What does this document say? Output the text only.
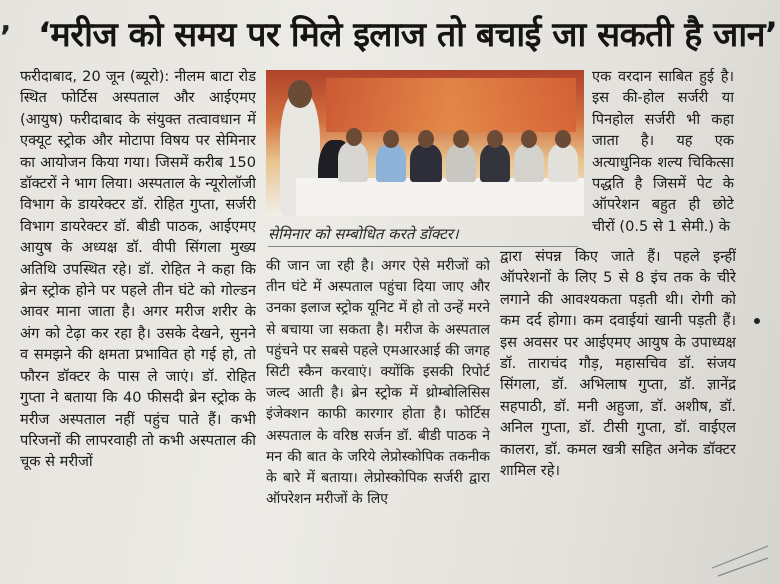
ʼ ‘मरीज को समय पर मिले इलाज तो बचाई जा सकती है जान’

फरीदाबाद, 20 जून (ब्यूरो): नीलम बाटा रोड स्थित फोर्टिस अस्पताल और आईएमए (आयुष) फरीदाबाद के संयुक्त तत्वावधान में एक्यूट स्ट्रोक और मोटापा विषय पर सेमिनार का आयोजन किया गया। जिसमें करीब 150 डॉक्टरों ने भाग लिया। अस्पताल के न्यूरोलॉजी विभाग के डायरेक्टर डॉ. रोहित गुप्ता, सर्जरी विभाग डायरेक्टर डॉ. बीडी पाठक, आईएमए आयुष के अध्यक्ष डॉ. वीपी सिंगला मुख्य अतिथि उपस्थित रहे। डॉ. रोहित ने कहा कि ब्रेन स्ट्रोक होने पर पहले तीन घंटे को गोल्डन आवर माना जाता है। अगर मरीज शरीर के अंग को टेढ़ा कर रहा है। उसके देखने, सुनने व समझने की क्षमता प्रभावित हो गई हो, तो फौरन डॉक्टर के पास ले जाएं। डॉ. रोहित गुप्ता ने बताया कि 40 फीसदी ब्रेन स्ट्रोक के मरीज अस्पताल नहीं पहुंच पाते हैं। कभी परिजनों की लापरवाही तो कभी अस्पताल की चूक से मरीजों

सेमिनार को सम्बोधित करते डॉक्टर।

की जान जा रही है। अगर ऐसे मरीजों को तीन घंटे में अस्पताल पहुंचा दिया जाए और उनका इलाज स्ट्रोक यूनिट में हो तो उन्हें मरने से बचाया जा सकता है। मरीज के अस्पताल पहुंचने पर सबसे पहले एमआरआई की जगह सिटी स्कैन करवाएं। क्योंकि इसकी रिपोर्ट जल्द आती है। ब्रेन स्ट्रोक में थ्रोम्बोलिसिस इंजेक्शन काफी कारगार होता है। फोर्टिस अस्पताल के वरिष्ठ सर्जन डॉ. बीडी पाठक ने मन की बात के जरिये लेप्रोस्कोपिक तकनीक के बारे में बताया। लेप्रोस्कोपिक सर्जरी द्वारा ऑपरेशन मरीजों के लिए

एक वरदान साबित हुई है। इस की-होल सर्जरी या पिनहोल सर्जरी भी कहा जाता है। यह एक अत्याधुनिक शल्य चिकित्सा पद्धति है जिसमें पेट के ऑपरेशन बहुत ही छोटे चीरों (0.5 से 1 सेमी.) के

द्वारा संपन्न किए जाते हैं। पहले इन्हीं ऑपरेशनों के लिए 5 से 8 इंच तक के चीरे लगाने की आवश्यकता पड़ती थी। रोगी को कम दर्द होगा। कम दवाईयां खानी पड़ती हैं। इस अवसर पर आईएमए आयुष के उपाध्यक्ष डॉ. ताराचंद गौड़, महासचिव डॉ. संजय सिंगला, डॉ. अभिलाष गुप्ता, डॉ. ज्ञानेंद्र सहपाठी, डॉ. मनी अहुजा, डॉ. अशीष, डॉ. अनिल गुप्ता, डॉ. टीसी गुप्ता, डॉ. वाईएल कालरा, डॉ. कमल खत्री सहित अनेक डॉक्टर शामिल रहे।
